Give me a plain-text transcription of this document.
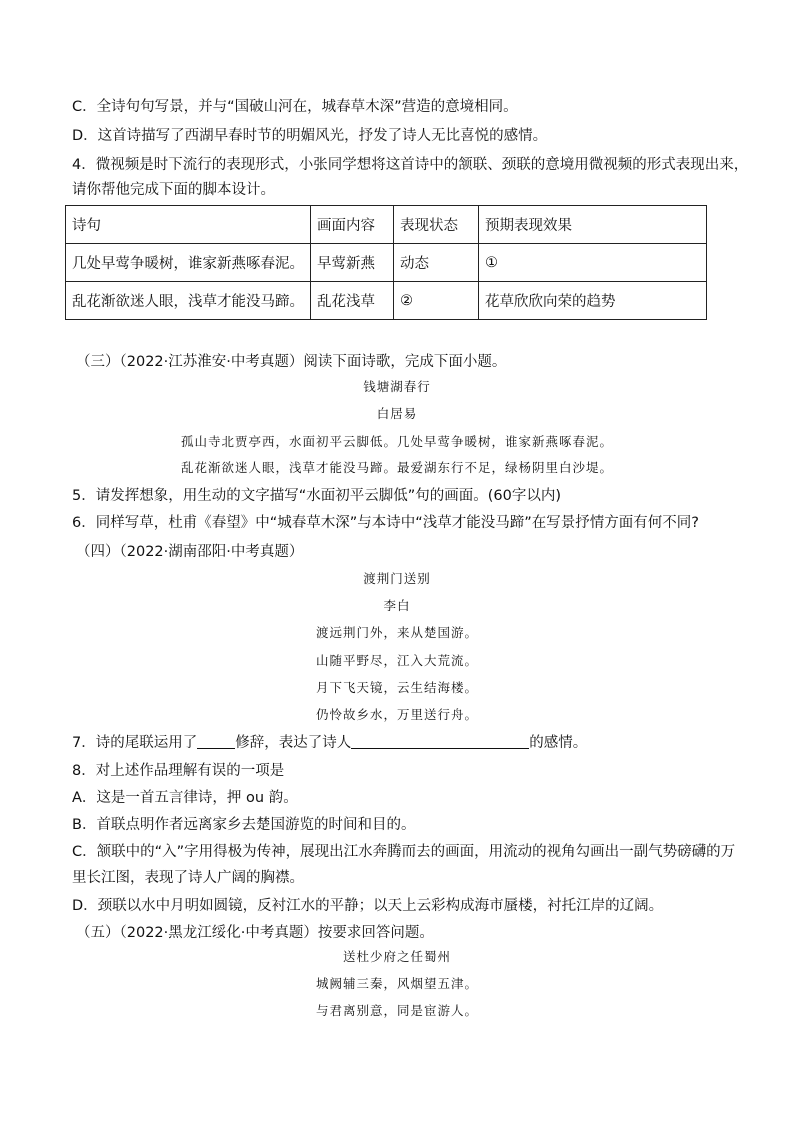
C．全诗句句写景，并与“国破山河在，城春草木深”营造的意境相同。
D．这首诗描写了西湖早春时节的明媚风光，抒发了诗人无比喜悦的感情。
4．微视频是时下流行的表现形式，小张同学想将这首诗中的颔联、颈联的意境用微视频的形式表现出来，
请你帮他完成下面的脚本设计。
诗句	画面内容	表现状态	预期表现效果
几处早莺争暖树，谁家新燕啄春泥。	早莺新燕	动态	①
乱花渐欲迷人眼，浅草才能没马蹄。	乱花浅草	②	花草欣欣向荣的趋势
（三）（2022·江苏淮安·中考真题）阅读下面诗歌，完成下面小题。
钱塘湖春行
白居易
孤山寺北贾亭西，水面初平云脚低。几处早莺争暖树，谁家新燕啄春泥。
乱花渐欲迷人眼，浅草才能没马蹄。最爱湖东行不足，绿杨阴里白沙堤。
5．请发挥想象，用生动的文字描写“水面初平云脚低”句的画面。(60字以内)
6．同样写草，杜甫《春望》中“城春草木深”与本诗中“浅草才能没马蹄”在写景抒情方面有何不同?
（四）（2022·湖南邵阳·中考真题）
渡荆门送别
李白
渡远荆门外，来从楚国游。
山随平野尽，江入大荒流。
月下飞天镜，云生结海楼。
仍怜故乡水，万里送行舟。
7．诗的尾联运用了	修辞，表达了诗人	的感情。
8．对上述作品理解有误的一项是
A．这是一首五言律诗，押 ou 韵。
B．首联点明作者远离家乡去楚国游览的时间和目的。
C．颔联中的“入”字用得极为传神，展现出江水奔腾而去的画面，用流动的视角勾画出一副气势磅礴的万
里长江图，表现了诗人广阔的胸襟。
D．颈联以水中月明如圆镜，反衬江水的平静；以天上云彩构成海市蜃楼，衬托江岸的辽阔。
（五）（2022·黑龙江绥化·中考真题）按要求回答问题。
送杜少府之任蜀州
城阙辅三秦，风烟望五津。
与君离别意，同是宦游人。
